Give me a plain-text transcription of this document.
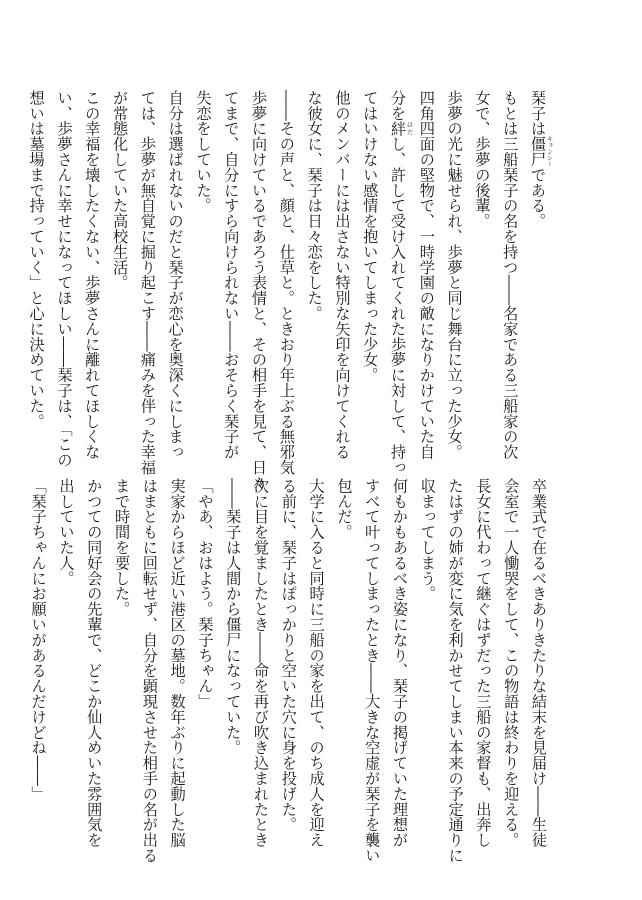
琹子は僵尸キョンシーである。
もとは三船琹子の名を持つ――名家である三船家の次
女で、歩夢の後輩。
歩夢の光に魅せられ、歩夢と同じ舞台に立った少女。
四角四面の堅物で、一時学園の敵になりかけていた自
分を絆ほだし、許して受け入れてくれた歩夢に対して、持っ
てはいけない感情を抱いてしまった少女。
他のメンバーには出さない特別な矢印を向けてくれる
な彼女に、琹子は日々恋をした。
――その声と、顔と、仕草と。ときおり年上ぶる無邪気
歩夢に向けているであろう表情と、その相手を見て、日々
てまで、自分にすら向けられない――おそらく琹子が
失恋をしていた。
自分は選ばれないのだと琹子が恋心を奥深くにしまっ
ては、歩夢が無自覚に掘り起こす――痛みを伴った幸福
が常態化していた高校生活。
この幸福を壊したくない、歩夢さんに離れてほしくな
い、歩夢さんに幸せになってほしい――琹子は、「この
想いは墓場まで持っていく」と心に決めていた。
卒業式で在るべきありきたりな結末を見届け――生徒
会室で一人慟哭をして、この物語は終わりを迎える。
長女に代わって継ぐはずだった三船の家督も、出奔し
たはずの姉が変に気を利かせてしまい本来の予定通りに
収まってしまう。
何もかもあるべき姿になり、琹子の掲げていた理想が
すべて叶ってしまったとき――大きな空虚が琹子を襲い
包んだ。
大学に入ると同時に三船の家を出て、のち成人を迎え
る前に、琹子はぽっかりと空いた穴に身を投げた。
次に目を覚ましたとき――命を再び吹き込まれたとき
――琹子は人間から僵尸になっていた。
「やあ、おはよう。琹子ちゃん」
実家からほど近い港区の墓地。数年ぶりに起動した脳
はまともに回転せず、自分を顕現させた相手の名が出る
まで時間を要した。
かつての同好会の先輩で、どこか仙人めいた雰囲気を
出していた人。
「琹子ちゃんにお願いがあるんだけどね――」
